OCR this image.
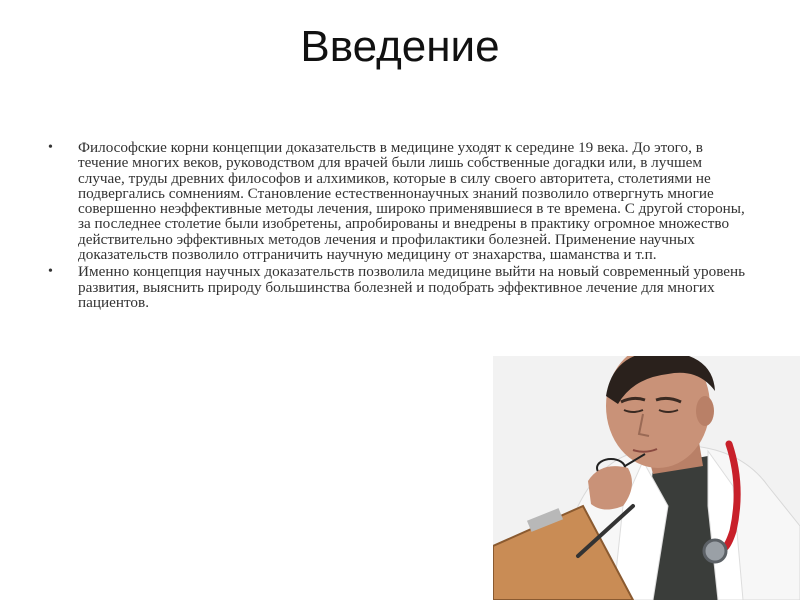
Введение
• Философские корни концепции доказательств в медицине уходят к середине 19 века. До этого, в течение многих веков, руководством для врачей были лишь собственные догадки или, в лучшем случае, труды древних философов и алхимиков, которые в силу своего авторитета, столетиями не подвергались сомнениям. Становление естественнонаучных знаний позволило отвергнуть многие совершенно неэффективные методы лечения, широко применявшиеся в те времена. С другой стороны, за последнее столетие были изобретены, апробированы и внедрены в практику огромное множество действительно эффективных методов лечения и профилактики болезней. Применение научных доказательств позволило отграничить научную медицину от знахарства, шаманства и т.п.
• Именно концепция научных доказательств позволила медицине выйти на новый современный уровень развития, выяснить природу большинства болезней и подобрать эффективное лечение для многих пациентов.
